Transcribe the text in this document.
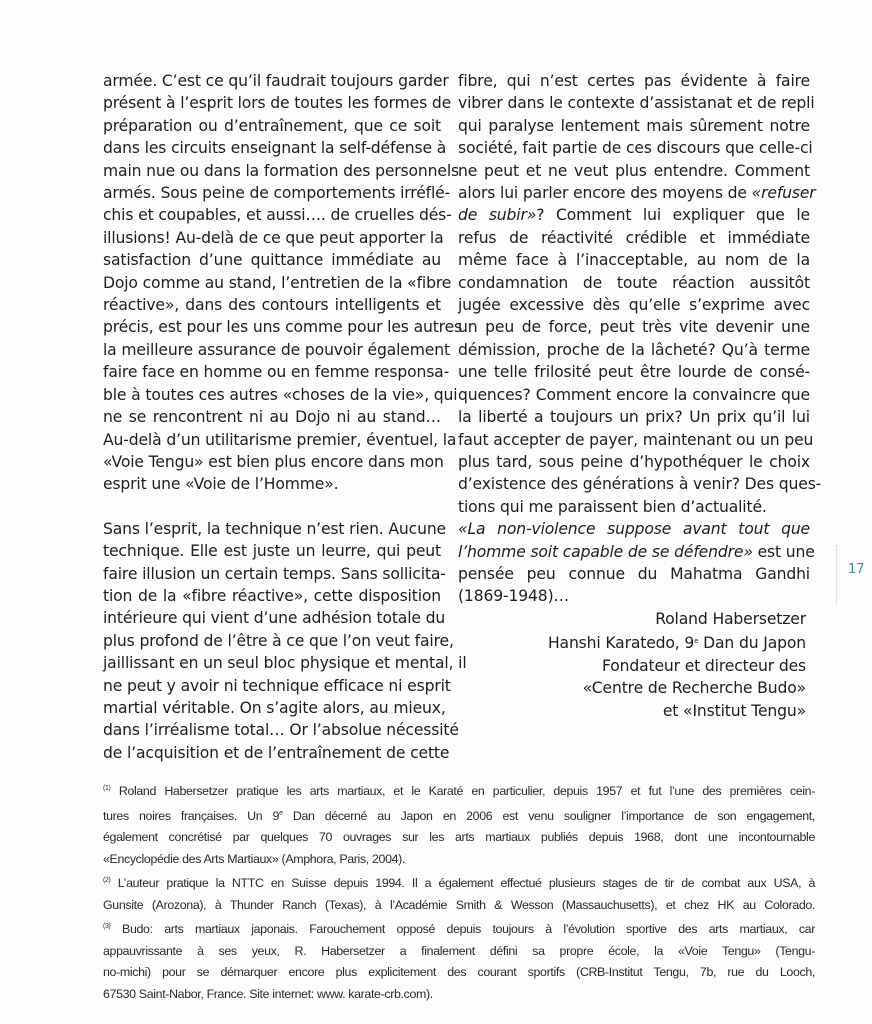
armée. C’est ce qu’il faudrait toujours garder
présent à l’esprit lors de toutes les formes de
préparation ou d’entraînement, que ce soit
dans les circuits enseignant la self-défense à
main nue ou dans la formation des personnels
armés. Sous peine de comportements irréflé-
chis et coupables, et aussi…. de cruelles dés-
illusions! Au-delà de ce que peut apporter la
satisfaction d’une quittance immédiate au
Dojo comme au stand, l’entretien de la «fibre
réactive», dans des contours intelligents et
précis, est pour les uns comme pour les autres
la meilleure assurance de pouvoir également
faire face en homme ou en femme responsa-
ble à toutes ces autres «choses de la vie», qui
ne se rencontrent ni au Dojo ni au stand…
Au-delà d’un utilitarisme premier, éventuel, la
«Voie Tengu» est bien plus encore dans mon
esprit une «Voie de l’Homme».

Sans l’esprit, la technique n’est rien. Aucune
technique. Elle est juste un leurre, qui peut
faire illusion un certain temps. Sans sollicita-
tion de la «fibre réactive», cette disposition
intérieure qui vient d’une adhésion totale du
plus profond de l’être à ce que l’on veut faire,
jaillissant en un seul bloc physique et mental, il
ne peut y avoir ni technique efficace ni esprit
martial véritable. On s’agite alors, au mieux,
dans l’irréalisme total… Or l’absolue nécessité
de l’acquisition et de l’entraînement de cette

fibre, qui n’est certes pas évidente à faire
vibrer dans le contexte d’assistanat et de repli
qui paralyse lentement mais sûrement notre
société, fait partie de ces discours que celle-ci
ne peut et ne veut plus entendre. Comment
alors lui parler encore des moyens de «refuser
de subir»? Comment lui expliquer que le
refus de réactivité crédible et immédiate
même face à l’inacceptable, au nom de la
condamnation de toute réaction aussitôt
jugée excessive dès qu’elle s’exprime avec
un peu de force, peut très vite devenir une
démission, proche de la lâcheté? Qu’à terme
une telle frilosité peut être lourde de consé-
quences? Comment encore la convaincre que
la liberté a toujours un prix? Un prix qu’il lui
faut accepter de payer, maintenant ou un peu
plus tard, sous peine d’hypothéquer le choix
d’existence des générations à venir? Des ques-
tions qui me paraissent bien d’actualité.
«La non-violence suppose avant tout que
l’homme soit capable de se défendre» est une
pensée peu connue du Mahatma Gandhi
(1869-1948)…

17
Roland Habersetzer
Hanshi Karatedo, 9e Dan du Japon
Fondateur et directeur des
«Centre de Recherche Budo»
et «Institut Tengu»
$^{(1)}$ Roland Habersetzer pratique les arts martiaux, et le Karaté en particulier, depuis 1957 et fut l’une des premières cein-
tures noires françaises. Un 9e Dan décerné au Japon en 2006 est venu souligner l’importance de son engagement,
également concrétisé par quelques 70 ouvrages sur les arts martiaux publiés depuis 1968, dont une incontournable
«Encyclopédie des Arts Martiaux» (Amphora, Paris, 2004).
$^{(2)}$ L’auteur pratique la NTTC en Suisse depuis 1994. Il a également effectué plusieurs stages de tir de combat aux USA, à
Gunsite (Arozona), à Thunder Ranch (Texas), à l’Académie Smith & Wesson (Massauchusetts), et chez HK au Colorado.
$^{(3)}$ Budo: arts martiaux japonais. Farouchement opposé depuis toujours à l’évolution sportive des arts martiaux, car
appauvrissante à ses yeux, R. Habersetzer a finalement défini sa propre école, la «Voie Tengu» (Tengu-
no-michi) pour se démarquer encore plus explicitement des courant sportifs (CRB-Institut Tengu, 7b, rue du Looch,
67530 Saint-Nabor, France. Site internet: www. karate-crb.com).
